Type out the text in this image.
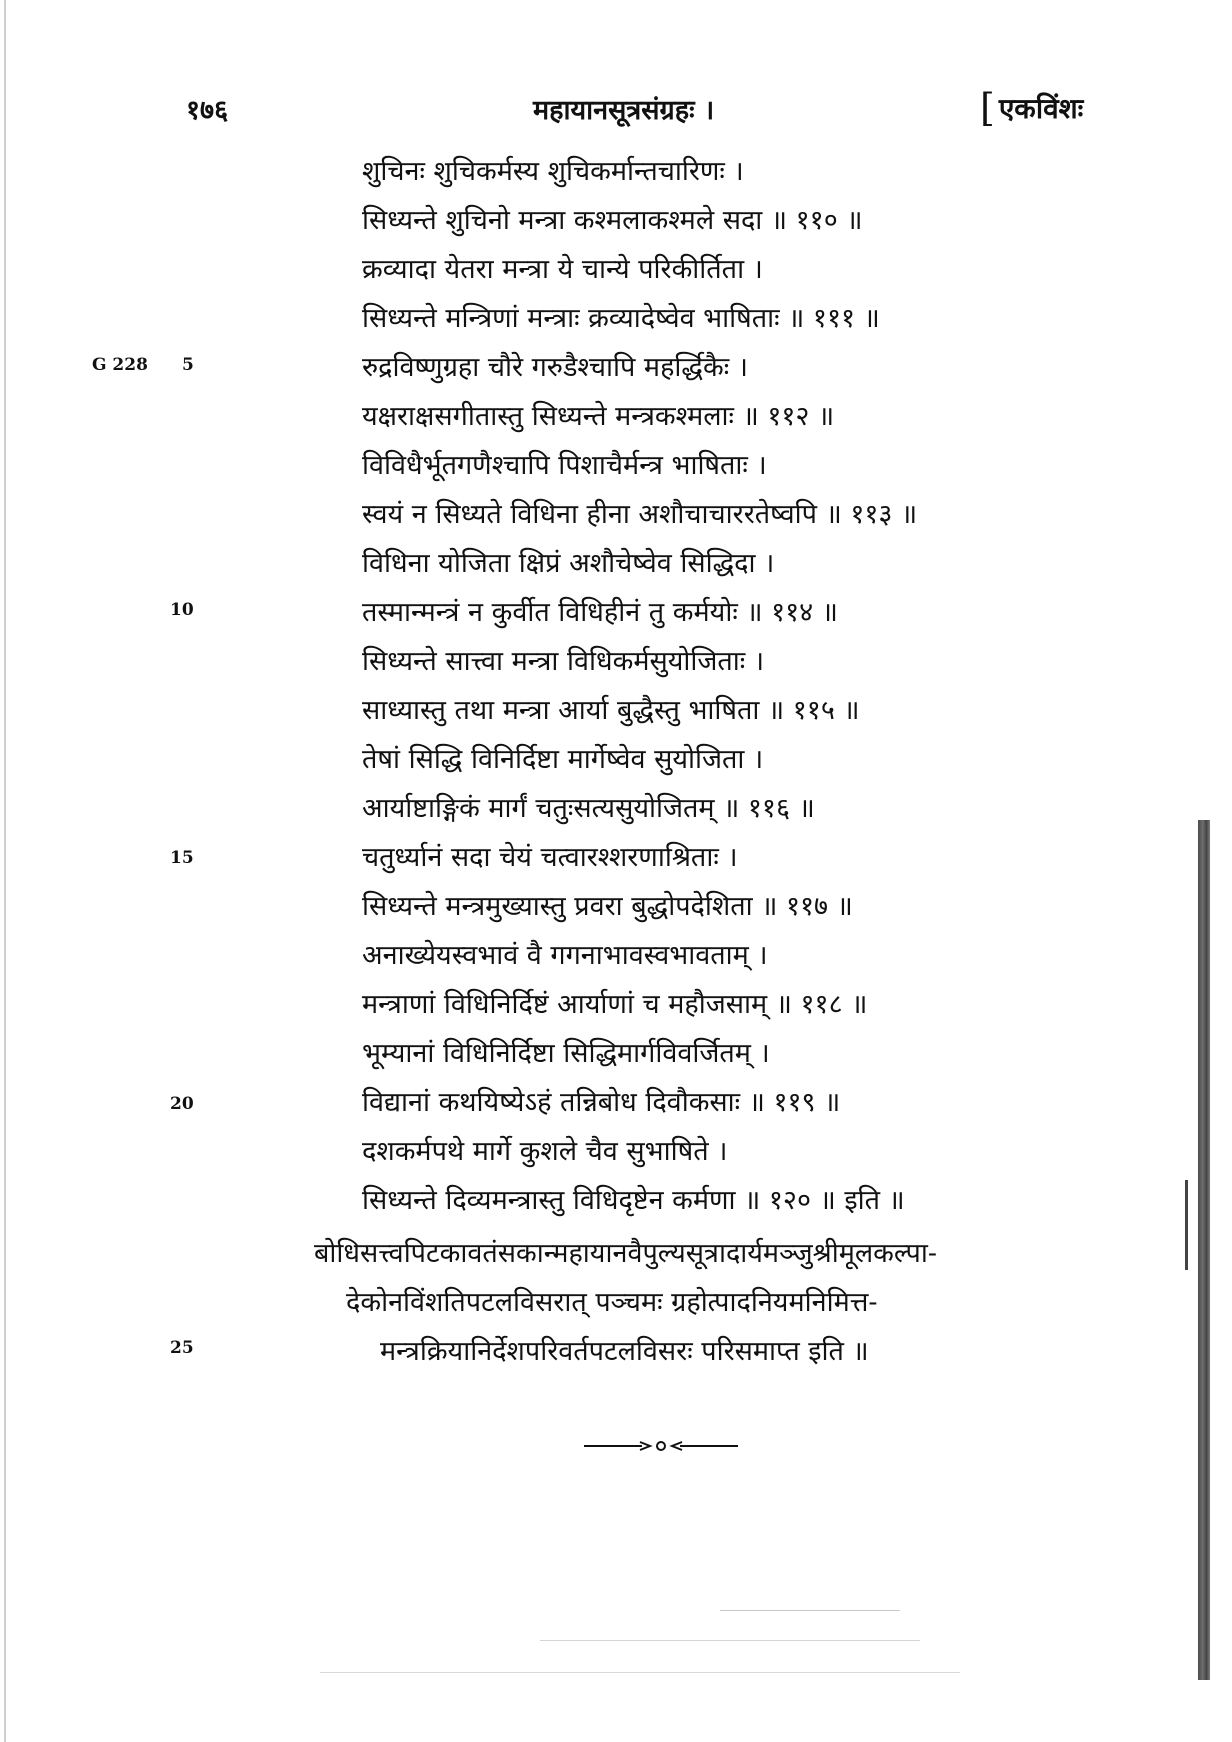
१७६	महायानसूत्रसंग्रहः ।	[ एकविंशः
G 228 5
10
15
20
25
शुचिनः शुचिकर्मस्य शुचिकर्मान्तचारिणः ।
सिध्यन्ते शुचिनो मन्त्रा कश्मलाकश्मले सदा ॥ ११० ॥
क्रव्यादा येतरा मन्त्रा ये चान्ये परिकीर्तिता ।
सिध्यन्ते मन्त्रिणां मन्त्राः क्रव्यादेष्वेव भाषिताः ॥ १११ ॥
रुद्रविष्णुग्रहा चौरे गरुडैश्चापि महर्द्धिकैः ।
यक्षराक्षसगीतास्तु सिध्यन्ते मन्त्रकश्मलाः ॥ ११२ ॥
विविधैर्भूतगणैश्चापि पिशाचैर्मन्त्र भाषिताः ।
स्वयं न सिध्यते विधिना हीना अशौचाचाररतेष्वपि ॥ ११३ ॥
विधिना योजिता क्षिप्रं अशौचेष्वेव सिद्धिदा ।
तस्मान्मन्त्रं न कुर्वीत विधिहीनं तु कर्मयोः ॥ ११४ ॥
सिध्यन्ते सात्त्वा मन्त्रा विधिकर्मसुयोजिताः ।
साध्यास्तु तथा मन्त्रा आर्या बुद्धैस्तु भाषिता ॥ ११५ ॥
तेषां सिद्धि विनिर्दिष्टा मार्गेष्वेव सुयोजिता ।
आर्याष्टाङ्गिकं मार्गं चतुःसत्यसुयोजितम् ॥ ११६ ॥
चतुर्ध्यानं सदा चेयं चत्वारश्शरणाश्रिताः ।
सिध्यन्ते मन्त्रमुख्यास्तु प्रवरा बुद्धोपदेशिता ॥ ११७ ॥
अनाख्येयस्वभावं वै गगनाभावस्वभावताम् ।
मन्त्राणां विधिनिर्दिष्टं आर्याणां च महौजसाम् ॥ ११८ ॥
भूम्यानां विधिनिर्दिष्टा सिद्धिमार्गविवर्जितम् ।
विद्यानां कथयिष्येऽहं तन्निबोध दिवौकसाः ॥ ११९ ॥
दशकर्मपथे मार्गे कुशले चैव सुभाषिते ।
सिध्यन्ते दिव्यमन्त्रास्तु विधिदृष्टेन कर्मणा ॥ १२० ॥ इति ॥
बोधिसत्त्वपिटकावतंसकान्महायानवैपुल्यसूत्रादार्यमञ्जुश्रीमूलकल्पा-
देकोनविंशतिपटलविसरात् पञ्चमः ग्रहोत्पादनियमनिमित्त-
मन्त्रक्रियानिर्देशपरिवर्तपटलविसरः परिसमाप्त इति ॥
